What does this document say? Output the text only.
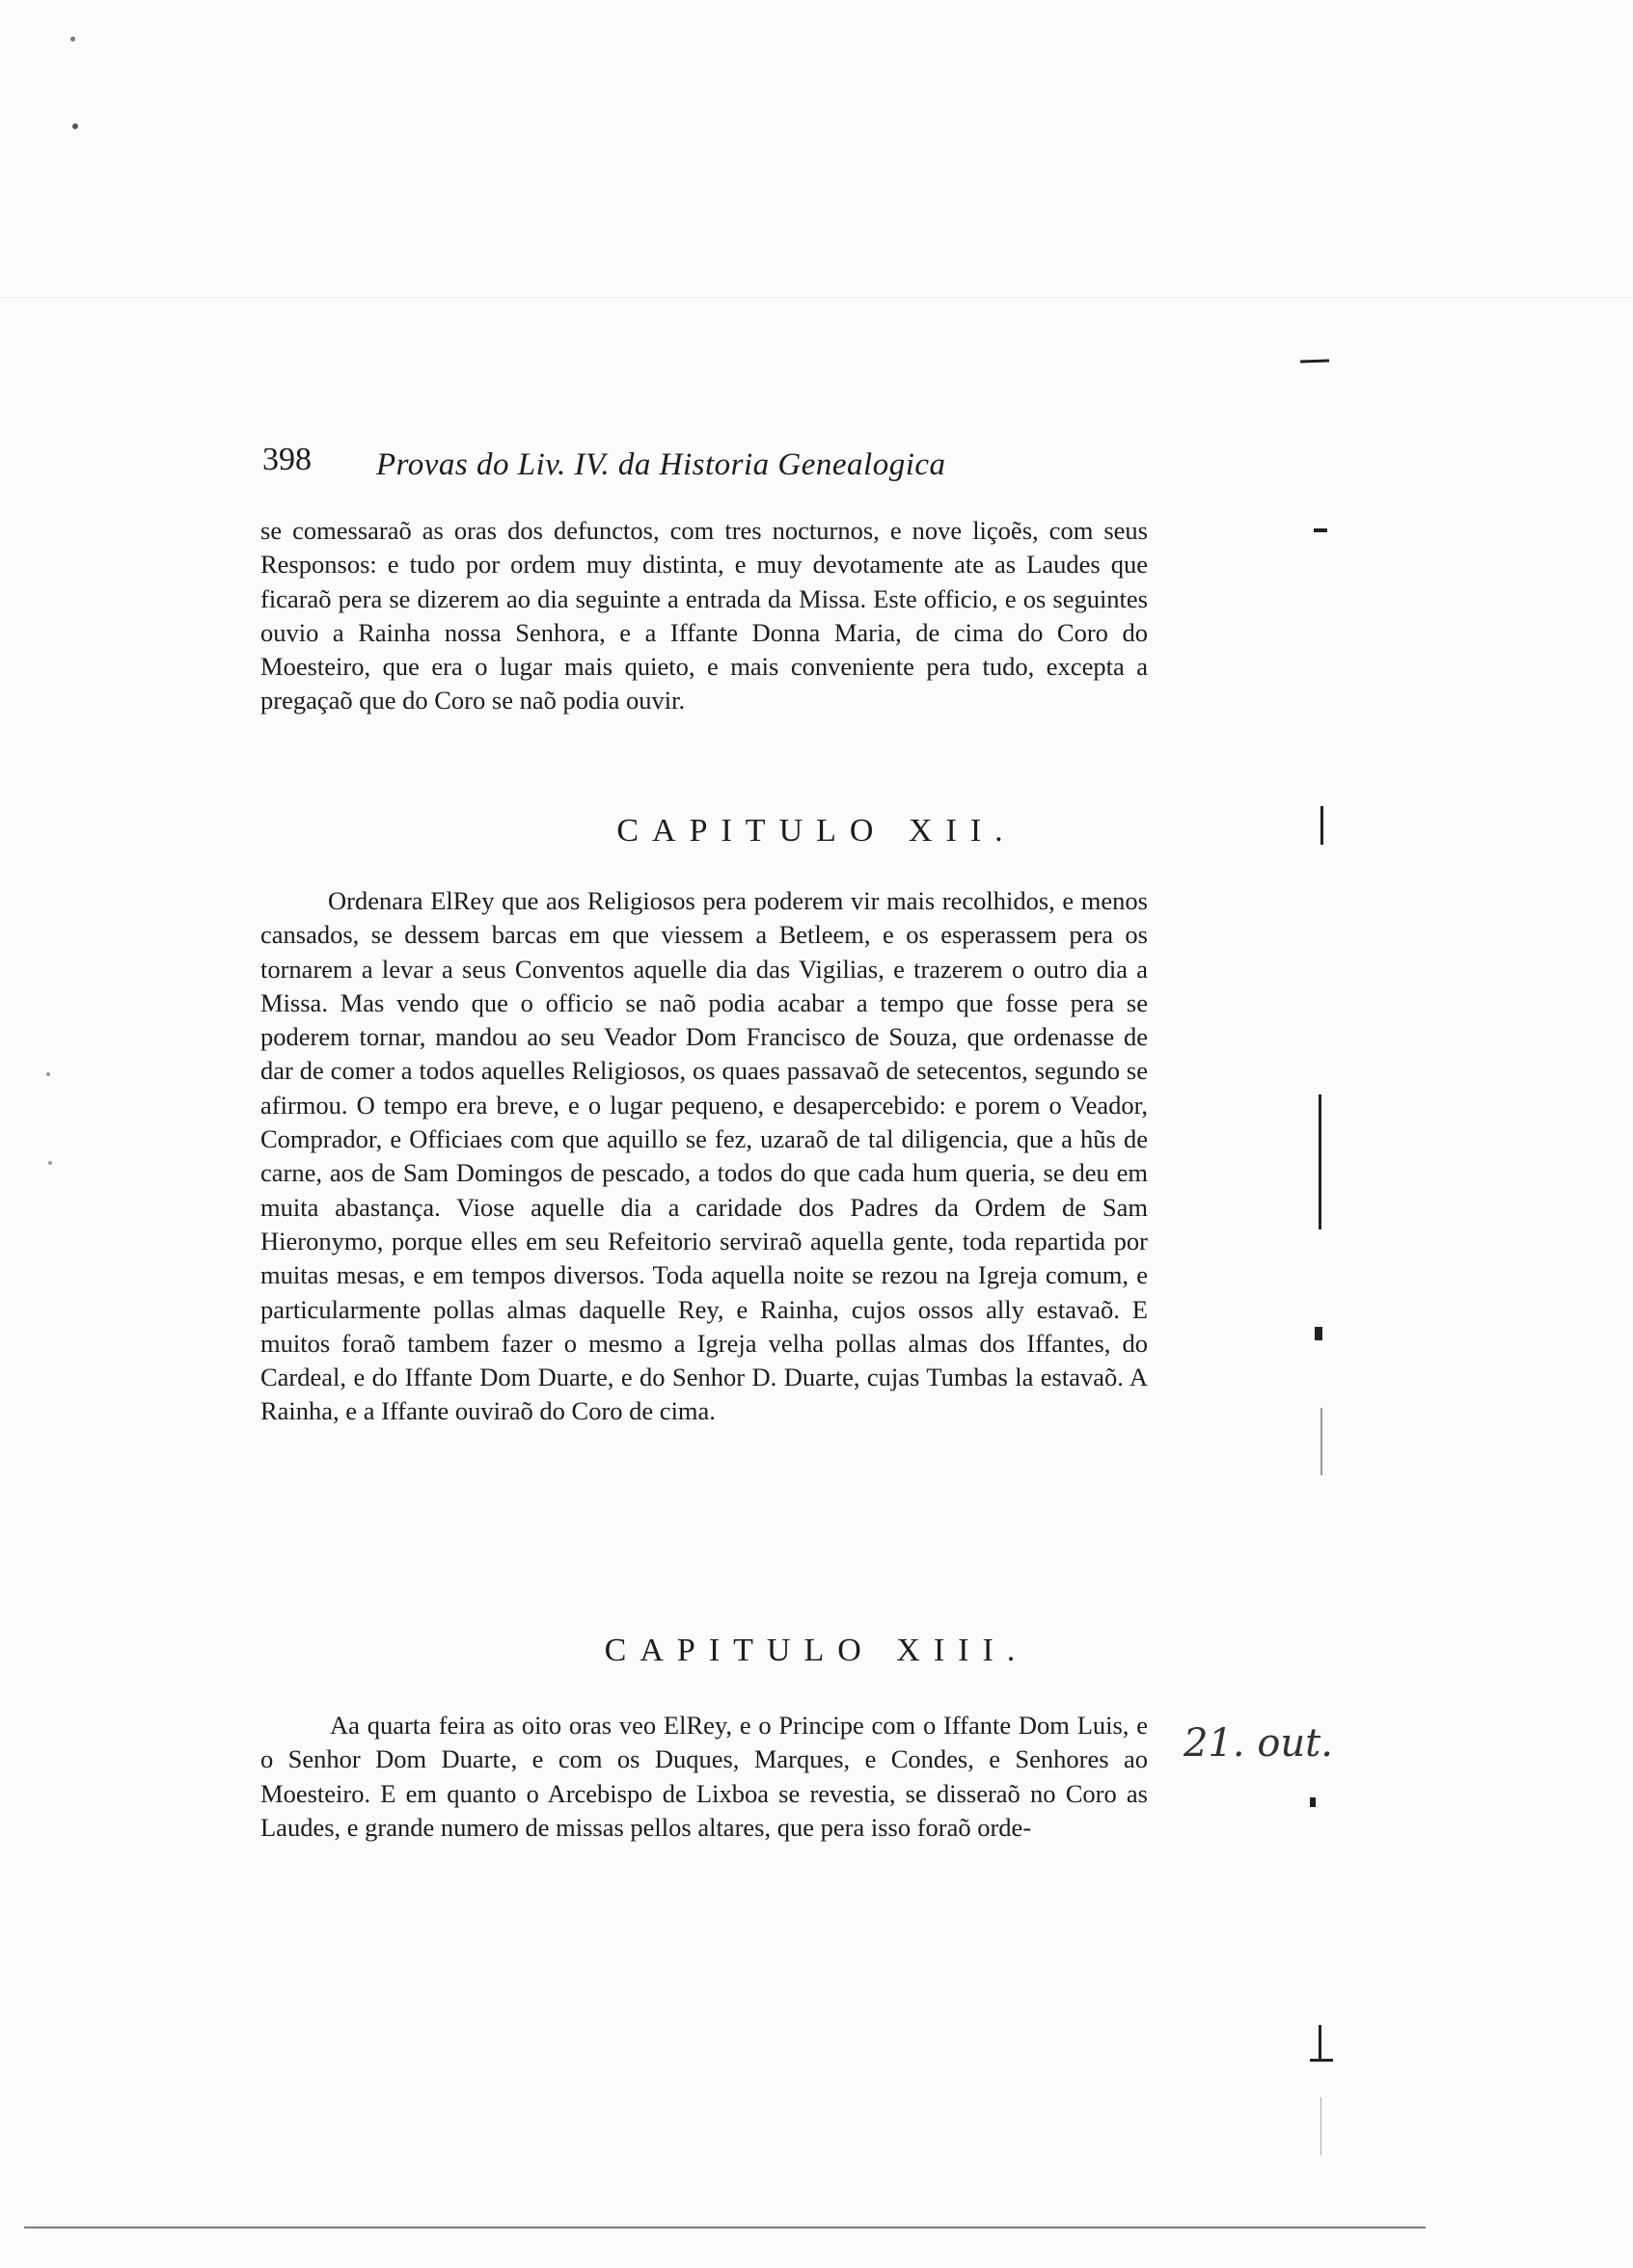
398 Provas do Liv. IV. da Historia Genealogica

se comessaraõ as oras dos defunctos, com tres nocturnos, e nove liçoẽs, com seus Responsos: e tudo por ordem muy distinta, e muy devotamente ate as Laudes que ficaraõ pera se dizerem ao dia seguinte a entrada da Missa. Este officio, e os seguintes ouvio a Rainha nossa Senhora, e a Iffante Donna Maria, de cima do Coro do Moesteiro, que era o lugar mais quieto, e mais conveniente pera tudo, excepta a pregaçaõ que do Coro se naõ podia ouvir.

CAPITULO XII.

Ordenara ElRey que aos Religiosos pera poderem vir mais recolhidos, e menos cansados, se dessem barcas em que viessem a Betleem, e os esperassem pera os tornarem a levar a seus Conventos aquelle dia das Vigilias, e trazerem o outro dia a Missa. Mas vendo que o officio se naõ podia acabar a tempo que fosse pera se poderem tornar, mandou ao seu Veador Dom Francisco de Souza, que ordenasse de dar de comer a todos aquelles Religiosos, os quaes passavaõ de setecentos, segundo se afirmou. O tempo era breve, e o lugar pequeno, e desapercebido: e porem o Veador, Comprador, e Officiaes com que aquillo se fez, uzaraõ de tal diligencia, que a hũs de carne, aos de Sam Domingos de pescado, a todos do que cada hum queria, se deu em muita abastança. Viose aquelle dia a caridade dos Padres da Ordem de Sam Hieronymo, porque elles em seu Refeitorio serviraõ aquella gente, toda repartida por muitas mesas, e em tempos diversos. Toda aquella noite se rezou na Igreja comum, e particularmente pollas almas daquelle Rey, e Rainha, cujos ossos ally estavaõ. E muitos foraõ tambem fazer o mesmo a Igreja velha pollas almas dos Iffantes, do Cardeal, e do Iffante Dom Duarte, e do Senhor D. Duarte, cujas Tumbas la estavaõ. A Rainha, e a Iffante ouviraõ do Coro de cima.

CAPITULO XIII.

Aa quarta feira as oito oras veo ElRey, e o Principe com o Iffante Dom Luis, e o Senhor Dom Duarte, e com os Duques, Marques, e Condes, e Senhores ao Moesteiro. E em quanto o Arcebispo de Lixboa se revestia, se disseraõ no Coro as Laudes, e grande numero de missas pellos altares, que pera isso foraõ orde-

21. out.
